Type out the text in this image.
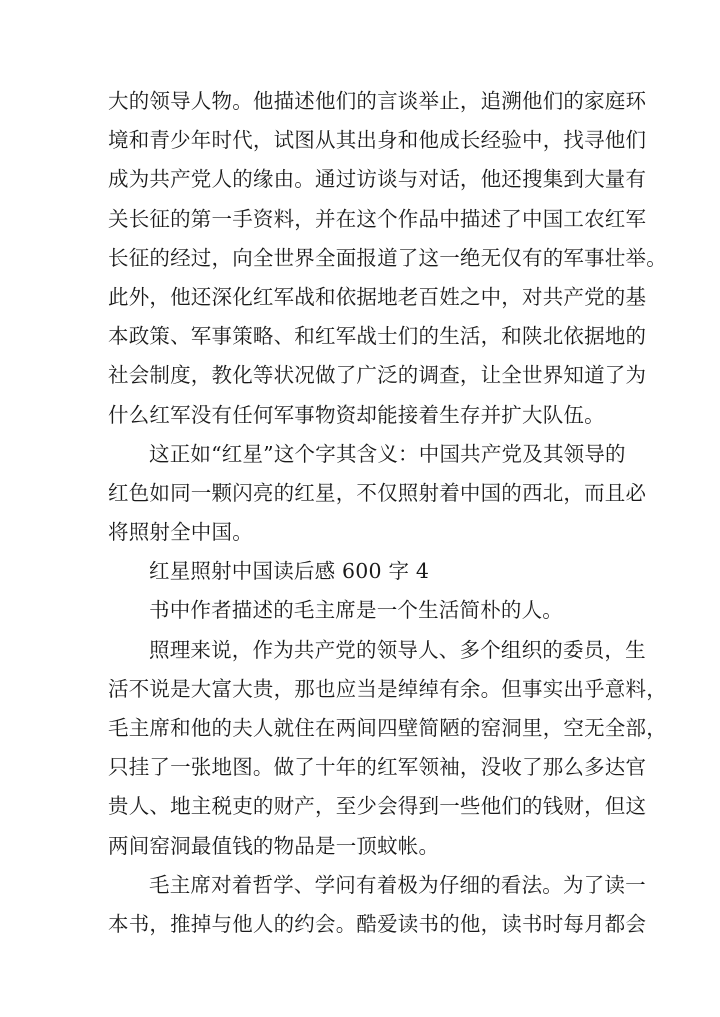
大的领导人物。他描述他们的言谈举止，追溯他们的家庭环
境和青少年时代，试图从其出身和他成长经验中，找寻他们
成为共产党人的缘由。通过访谈与对话，他还搜集到大量有
关长征的第一手资料，并在这个作品中描述了中国工农红军
长征的经过，向全世界全面报道了这一绝无仅有的军事壮举。
此外，他还深化红军战和依据地老百姓之中，对共产党的基
本政策、军事策略、和红军战士们的生活，和陕北依据地的
社会制度，教化等状况做了广泛的调查，让全世界知道了为
什么红军没有任何军事物资却能接着生存并扩大队伍。
这正如“红星”这个字其含义：中国共产党及其领导的
红色如同一颗闪亮的红星，不仅照射着中国的西北，而且必
将照射全中国。
红星照射中国读后感 600 字 4
书中作者描述的毛主席是一个生活简朴的人。
照理来说，作为共产党的领导人、多个组织的委员，生
活不说是大富大贵，那也应当是绰绰有余。但事实出乎意料，
毛主席和他的夫人就住在两间四壁简陋的窑洞里，空无全部，
只挂了一张地图。做了十年的红军领袖，没收了那么多达官
贵人、地主税吏的财产，至少会得到一些他们的钱财，但这
两间窑洞最值钱的物品是一顶蚊帐。
毛主席对着哲学、学问有着极为仔细的看法。为了读一
本书，推掉与他人的约会。酷爱读书的他，读书时每月都会
